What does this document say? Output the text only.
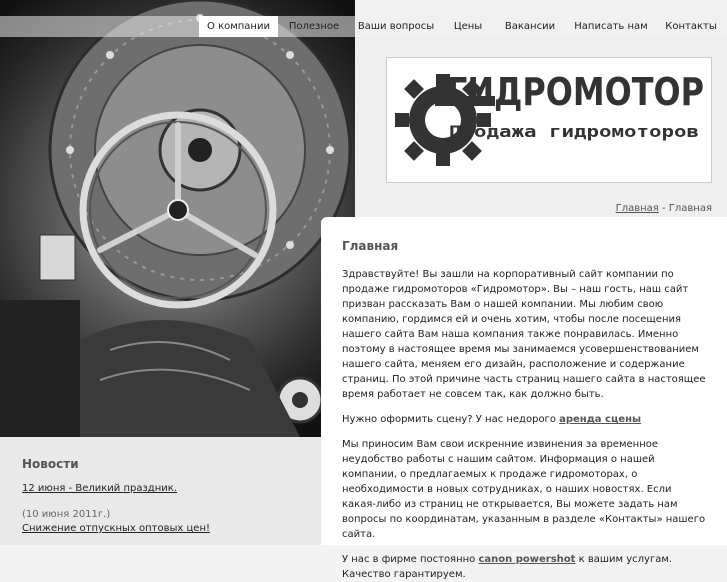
О компании	Полезное	Ваши вопросы	Цены	Вакансии Написать нам Контакты
ГИДРОМОТОР
Продажа гидромоторов
Главная - Главная
Главная

Здравствуйте! Вы зашли на корпоративный сайт компании по продаже гидромоторов «Гидромотор». Вы – наш гость, наш сайт призван рассказать Вам о нашей компании. Мы любим свою компанию, гордимся ей и очень хотим, чтобы после посещения нашего сайта Вам наша компания также понравилась. Именно поэтому в настоящее время мы занимаемся усовершенствованием нашего сайта, меняем его дизайн, расположение и содержание страниц. По этой причине часть страниц нашего сайта в настоящее время работает не совсем так, как должно быть.

Нужно оформить сцену? У нас недорого аренда сцены

Мы приносим Вам свои искренние извинения за временное неудобство работы с нашим сайтом. Информация о нашей компании, о предлагаемых к продаже гидромоторах, о необходимости в новых сотрудниках, о наших новостях. Если какая-либо из страниц не открывается, Вы можете задать нам вопросы по координатам, указанным в разделе «Контакты» нашего сайта.

У нас в фирме постоянно canon powershot к вашим услугам. Качество гарантируем.

Новости
12 июня - Великий праздник.
(10 июня 2011г.)
Снижение отпускных оптовых цен!
